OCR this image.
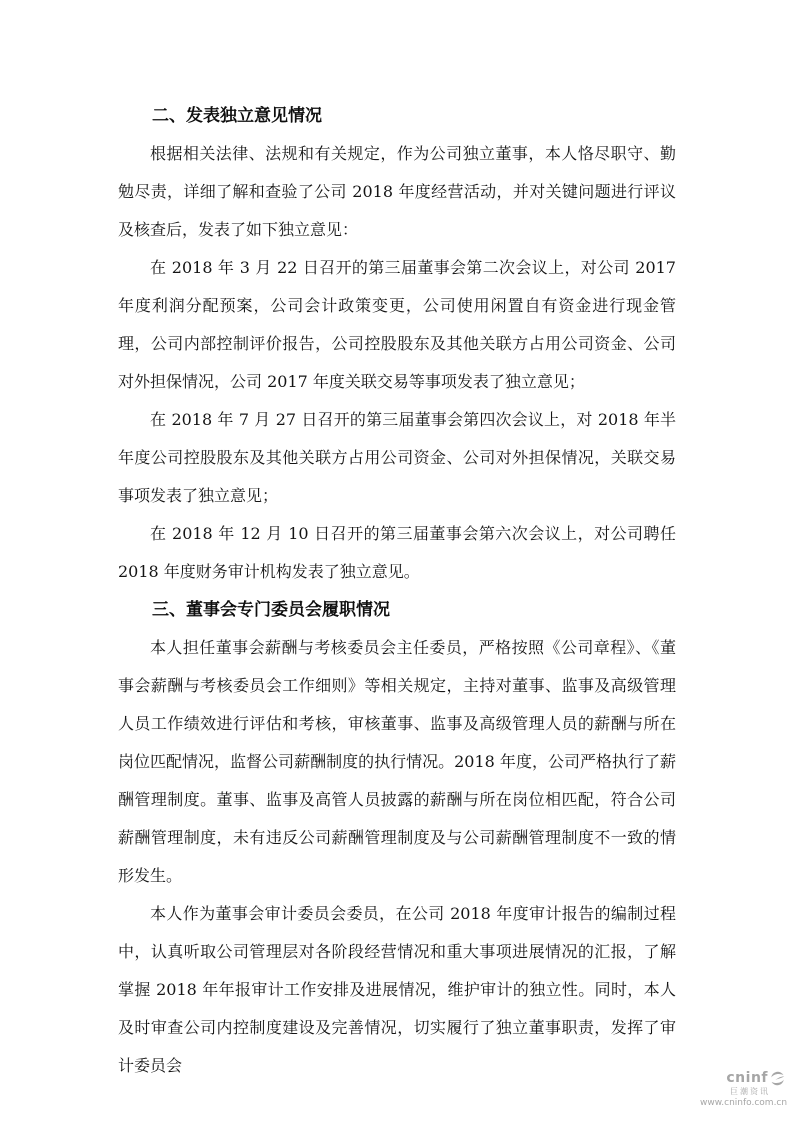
二、发表独立意见情况

根据相关法律、法规和有关规定，作为公司独立董事，本人恪尽职守、勤勉尽责，详细了解和查验了公司 2018 年度经营活动，并对关键问题进行评议及核查后，发表了如下独立意见：

在 2018 年 3 月 22 日召开的第三届董事会第二次会议上，对公司 2017 年度利润分配预案，公司会计政策变更，公司使用闲置自有资金进行现金管理，公司内部控制评价报告，公司控股股东及其他关联方占用公司资金、公司对外担保情况，公司 2017 年度关联交易等事项发表了独立意见；

在 2018 年 7 月 27 日召开的第三届董事会第四次会议上，对 2018 年半年度公司控股股东及其他关联方占用公司资金、公司对外担保情况，关联交易事项发表了独立意见；

在 2018 年 12 月 10 日召开的第三届董事会第六次会议上，对公司聘任 2018 年度财务审计机构发表了独立意见。

三、董事会专门委员会履职情况

本人担任董事会薪酬与考核委员会主任委员，严格按照《公司章程》、《董事会薪酬与考核委员会工作细则》等相关规定，主持对董事、监事及高级管理人员工作绩效进行评估和考核，审核董事、监事及高级管理人员的薪酬与所在岗位匹配情况，监督公司薪酬制度的执行情况。2018 年度，公司严格执行了薪酬管理制度。董事、监事及高管人员披露的薪酬与所在岗位相匹配，符合公司薪酬管理制度，未有违反公司薪酬管理制度及与公司薪酬管理制度不一致的情形发生。

本人作为董事会审计委员会委员，在公司 2018 年度审计报告的编制过程中，认真听取公司管理层对各阶段经营情况和重大事项进展情况的汇报，了解掌握 2018 年年报审计工作安排及进展情况，维护审计的独立性。同时，本人及时审查公司内控制度建设及完善情况，切实履行了独立董事职责，发挥了审计委员会

cninf
巨潮资讯
www.cninfo.com.cn
